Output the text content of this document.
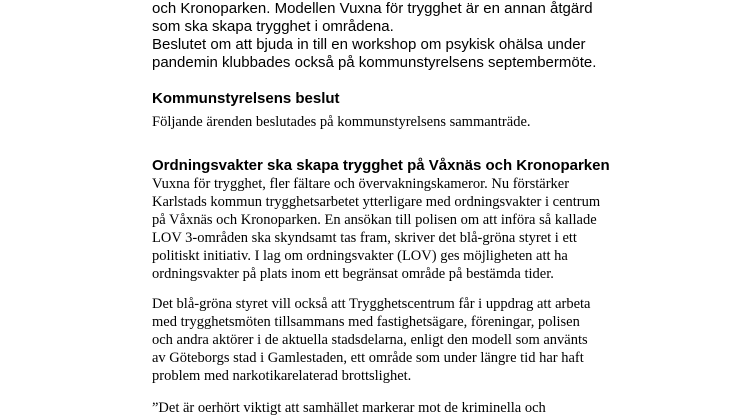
och Kronoparken. Modellen Vuxna för trygghet är en annan åtgärd

som ska skapa trygghet i områdena.

Beslutet om att bjuda in till en workshop om psykisk ohälsa under

pandemin klubbades också på kommunstyrelsens septembermöte.

Kommunstyrelsens beslut

Följande ärenden beslutades på kommunstyrelsens sammanträde.

Ordningsvakter ska skapa trygghet på Våxnäs och Kronoparken

Vuxna för trygghet, fler fältare och övervakningskameror. Nu förstärker

Karlstads kommun trygghetsarbetet ytterligare med ordningsvakter i centrum

på Våxnäs och Kronoparken. En ansökan till polisen om att införa så kallade

LOV 3-områden ska skyndsamt tas fram, skriver det blå-gröna styret i ett

politiskt initiativ. I lag om ordningsvakter (LOV) ges möjligheten att ha

ordningsvakter på plats inom ett begränsat område på bestämda tider.

Det blå-gröna styret vill också att Trygghetscentrum får i uppdrag att arbeta

med trygghetsmöten tillsammans med fastighetsägare, föreningar, polisen

och andra aktörer i de aktuella stadsdelarna, enligt den modell som använts

av Göteborgs stad i Gamlestaden, ett område som under längre tid har haft

problem med narkotikarelaterad brottslighet.

”Det är oerhört viktigt att samhället markerar mot de kriminella och
